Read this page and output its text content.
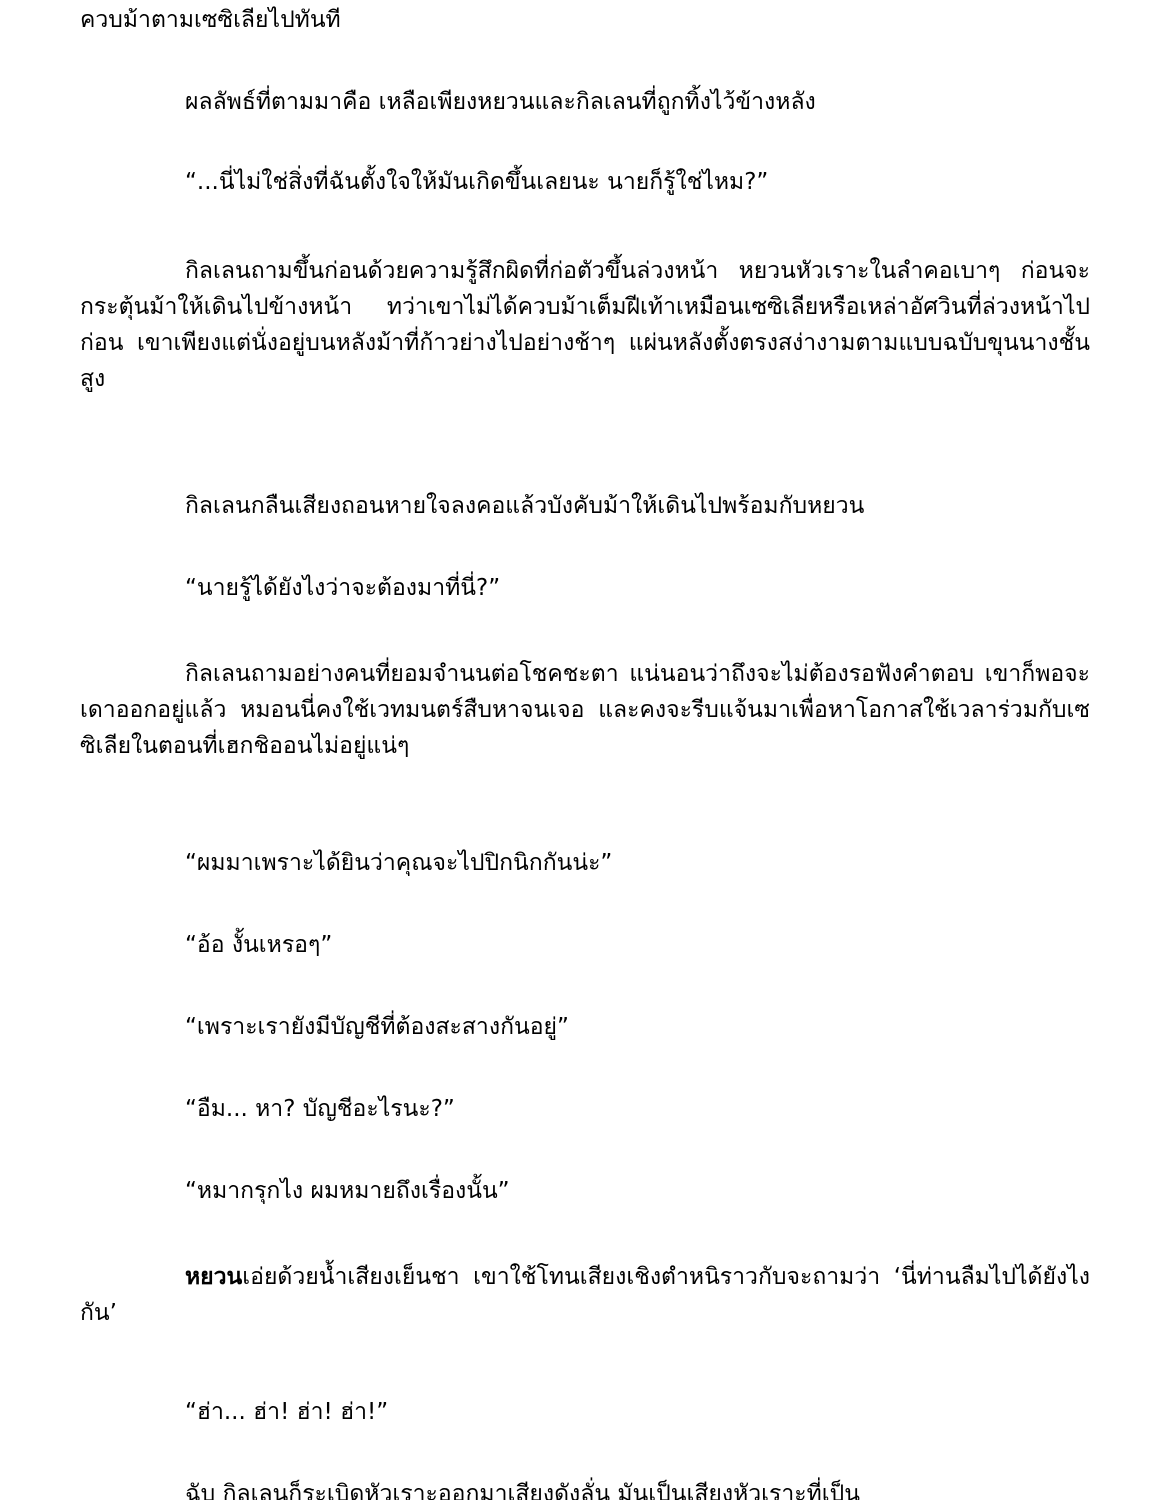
ควบม้าตามเซซิเลียไปทันที

ผลลัพธ์ที่ตามมาคือ เหลือเพียงหยวนและกิลเลนที่ถูกทิ้งไว้ข้างหลัง

“...นี่ไม่ใช่สิ่งที่ฉันตั้งใจให้มันเกิดขึ้นเลยนะ นายก็รู้ใช่ไหม?”

กิลเลนถามขึ้นก่อนด้วยความรู้สึกผิดที่ก่อตัวขึ้นล่วงหน้า หยวนหัวเราะในลำคอเบาๆ ก่อนจะกระตุ้นม้าให้เดินไปข้างหน้า ทว่าเขาไม่ได้ควบม้าเต็มฝีเท้าเหมือนเซซิเลียหรือเหล่าอัศวินที่ล่วงหน้าไปก่อน เขาเพียงแต่นั่งอยู่บนหลังม้าที่ก้าวย่างไปอย่างช้าๆ แผ่นหลังตั้งตรงสง่างามตามแบบฉบับขุนนางชั้นสูง

กิลเลนกลืนเสียงถอนหายใจลงคอแล้วบังคับม้าให้เดินไปพร้อมกับหยวน

“นายรู้ได้ยังไงว่าจะต้องมาที่นี่?”

กิลเลนถามอย่างคนที่ยอมจำนนต่อโชคชะตา แน่นอนว่าถึงจะไม่ต้องรอฟังคำตอบ เขาก็พอจะเดาออกอยู่แล้ว หมอนนี่คงใช้เวทมนตร์สืบหาจนเจอ และคงจะรีบแจ้นมาเพื่อหาโอกาสใช้เวลาร่วมกับเซซิเลียในตอนที่เฮกชิออนไม่อยู่แน่ๆ

“ผมมาเพราะได้ยินว่าคุณจะไปปิกนิกกันน่ะ”

“อ้อ งั้นเหรอๆ”

“เพราะเรายังมีบัญชีที่ต้องสะสางกันอยู่”

“อืม... หา? บัญชีอะไรนะ?”

“หมากรุกไง ผมหมายถึงเรื่องนั้น”

หยวนเอ่ยด้วยน้ำเสียงเย็นชา เขาใช้โทนเสียงเชิงตำหนิราวกับจะถามว่า ‘นี่ท่านลืมไปได้ยังไงกัน’

“ฮ่า... ฮ่า! ฮ่า! ฮ่า!”

ฉับ กิลเลนก็ระเบิดหัวเราะออกมาเสียงดังลั่น มันเป็นเสียงหัวเราะที่เป็น
